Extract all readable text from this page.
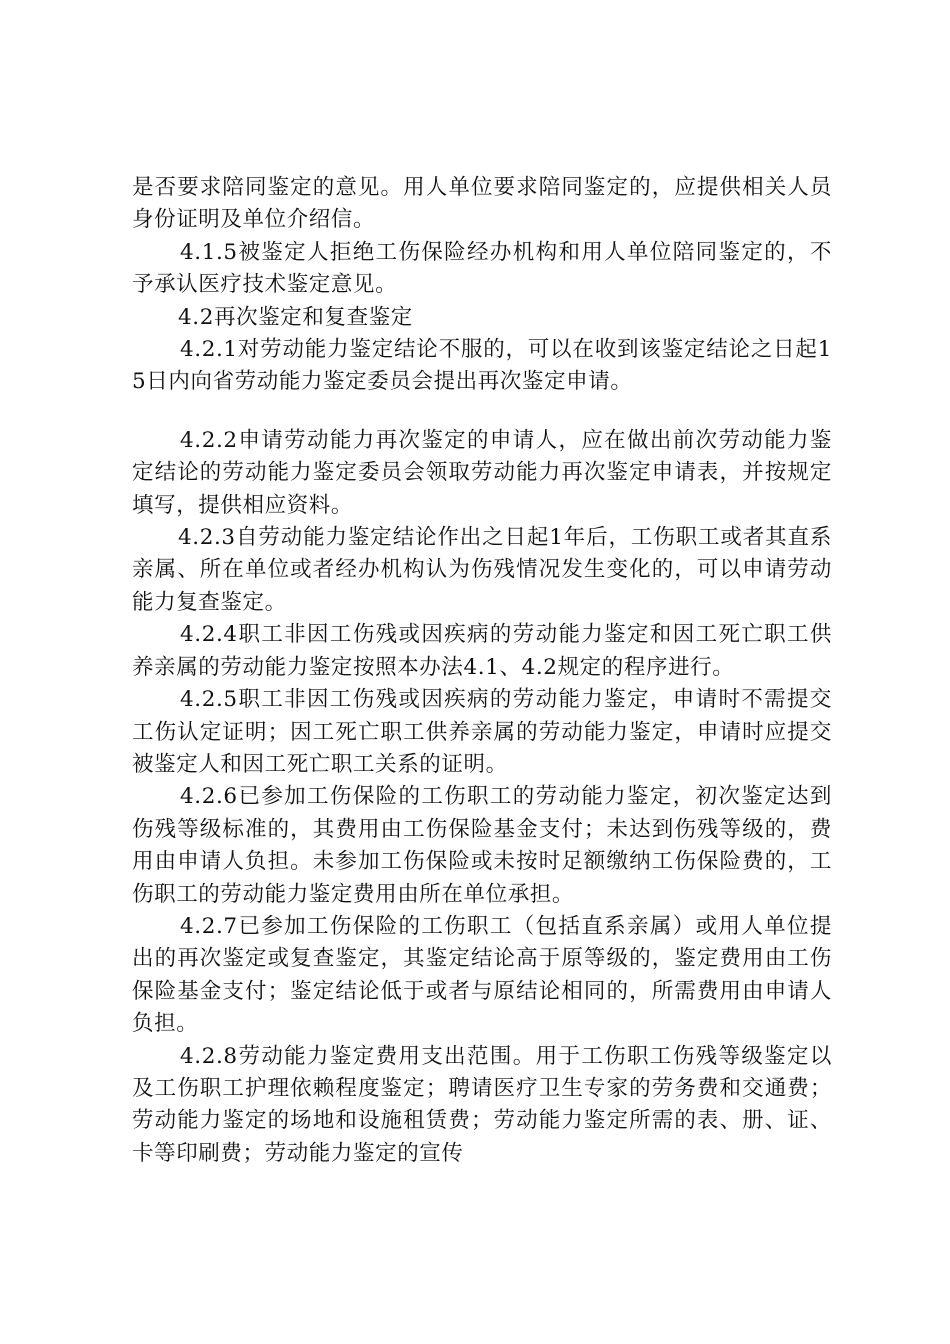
是否要求陪同鉴定的意见。用人单位要求陪同鉴定的，应提供相关人员身份证明及单位介绍信。

4.1.5被鉴定人拒绝工伤保险经办机构和用人单位陪同鉴定的，不予承认医疗技术鉴定意见。

4.2再次鉴定和复查鉴定

4.2.1对劳动能力鉴定结论不服的，可以在收到该鉴定结论之日起15日内向省劳动能力鉴定委员会提出再次鉴定申请。

4.2.2申请劳动能力再次鉴定的申请人，应在做出前次劳动能力鉴定结论的劳动能力鉴定委员会领取劳动能力再次鉴定申请表，并按规定填写，提供相应资料。

4.2.3自劳动能力鉴定结论作出之日起1年后，工伤职工或者其直系亲属、所在单位或者经办机构认为伤残情况发生变化的，可以申请劳动能力复查鉴定。

4.2.4职工非因工伤残或因疾病的劳动能力鉴定和因工死亡职工供养亲属的劳动能力鉴定按照本办法4.1、4.2规定的程序进行。

4.2.5职工非因工伤残或因疾病的劳动能力鉴定，申请时不需提交工伤认定证明；因工死亡职工供养亲属的劳动能力鉴定，申请时应提交被鉴定人和因工死亡职工关系的证明。

4.2.6已参加工伤保险的工伤职工的劳动能力鉴定，初次鉴定达到伤残等级标准的，其费用由工伤保险基金支付；未达到伤残等级的，费用由申请人负担。未参加工伤保险或未按时足额缴纳工伤保险费的，工伤职工的劳动能力鉴定费用由所在单位承担。

4.2.7已参加工伤保险的工伤职工（包括直系亲属）或用人单位提出的再次鉴定或复查鉴定，其鉴定结论高于原等级的，鉴定费用由工伤保险基金支付；鉴定结论低于或者与原结论相同的，所需费用由申请人负担。

4.2.8劳动能力鉴定费用支出范围。用于工伤职工伤残等级鉴定以及工伤职工护理依赖程度鉴定；聘请医疗卫生专家的劳务费和交通费；劳动能力鉴定的场地和设施租赁费；劳动能力鉴定所需的表、册、证、卡等印刷费；劳动能力鉴定的宣传
